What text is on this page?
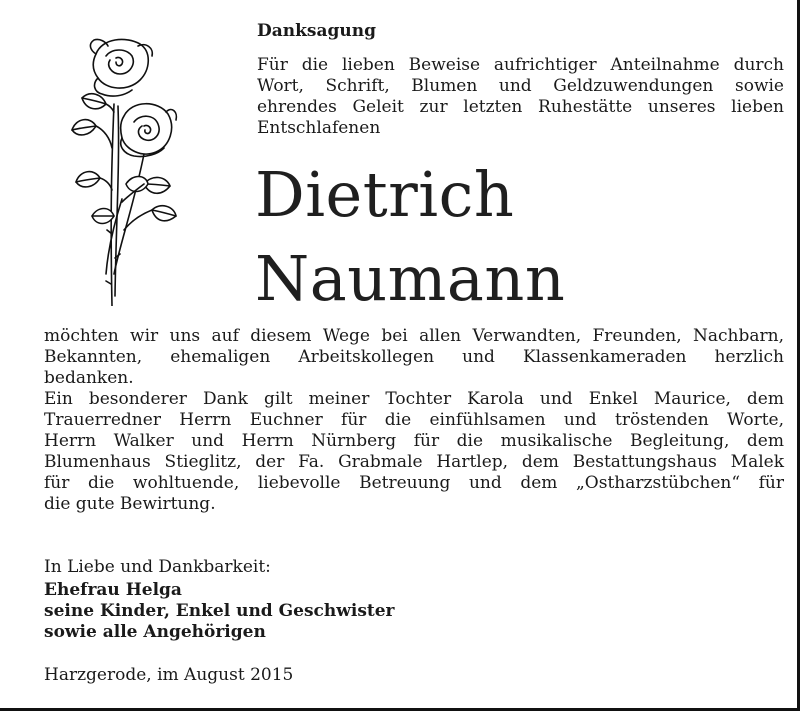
Danksagung
Für die lieben Beweise aufrichtiger Anteilnahme durch
Wort, Schrift, Blumen und Geldzuwendungen sowie
ehrendes Geleit zur letzten Ruhestätte unseres lieben
Entschlafenen
Dietrich
Naumann
möchten wir uns auf diesem Wege bei allen Verwandten, Freunden, Nachbarn,
Bekannten, ehemaligen Arbeitskollegen und Klassenkameraden herzlich
bedanken.
Ein besonderer Dank gilt meiner Tochter Karola und Enkel Maurice, dem
Trauerredner Herrn Euchner für die einfühlsamen und tröstenden Worte,
Herrn Walker und Herrn Nürnberg für die musikalische Begleitung, dem
Blumenhaus Stieglitz, der Fa. Grabmale Hartlep, dem Bestattungshaus Malek
für die wohltuende, liebevolle Betreuung und dem „Ostharzstübchen“ für
die gute Bewirtung.
In Liebe und Dankbarkeit:
Ehefrau Helga
seine Kinder, Enkel und Geschwister
sowie alle Angehörigen
Harzgerode, im August 2015
